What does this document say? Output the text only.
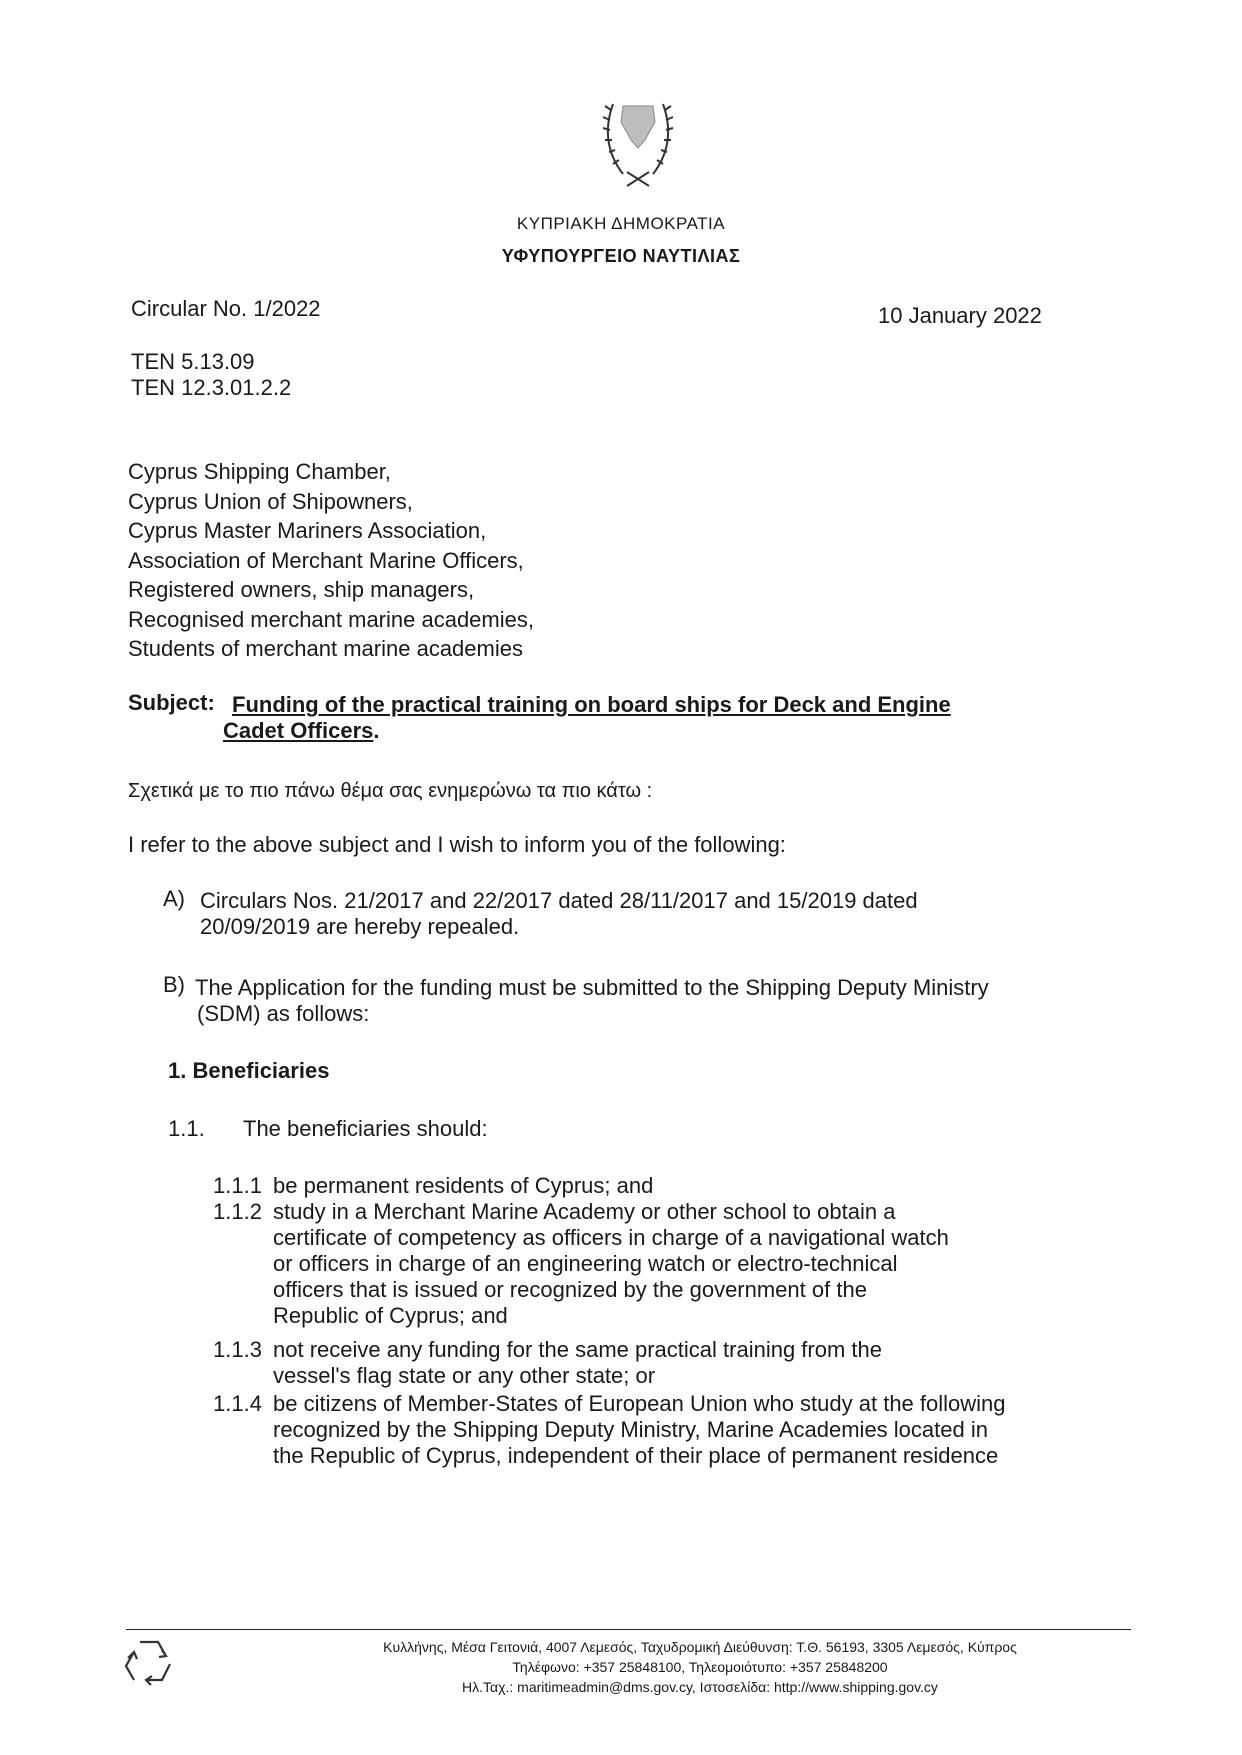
ΚΥΠΡΙΑΚΗ ΔΗΜΟΚΡΑΤΙΑ
ΥΦΥΠΟΥΡΓΕΙΟ ΝΑΥΤΙΛΙΑΣ
Circular No. 1/2022	10 January 2022
TEN 5.13.09
TEN 12.3.01.2.2
Cyprus Shipping Chamber,
Cyprus Union of Shipowners,
Cyprus Master Mariners Association,
Association of Merchant Marine Officers,
Registered owners, ship managers,
Recognised merchant marine academies,
Students of merchant marine academies
Subject: Funding of the practical training on board ships for Deck and Engine
Cadet Officers.
Σχετικά με το πιο πάνω θέμα σας ενημερώνω τα πιο κάτω :
I refer to the above subject and I wish to inform you of the following:
A) Circulars Nos. 21/2017 and 22/2017 dated 28/11/2017 and 15/2019 dated
20/09/2019 are hereby repealed.
B) The Application for the funding must be submitted to the Shipping Deputy Ministry
(SDM) as follows:
1. Beneficiaries
1.1. The beneficiaries should:
1.1.1 be permanent residents of Cyprus; and
1.1.2 study in a Merchant Marine Academy or other school to obtain a
certificate of competency as officers in charge of a navigational watch
or officers in charge of an engineering watch or electro-technical
officers that is issued or recognized by the government of the
Republic of Cyprus; and
1.1.3 not receive any funding for the same practical training from the
vessel's flag state or any other state; or
1.1.4 be citizens of Member-States of European Union who study at the following
recognized by the Shipping Deputy Ministry, Marine Academies located in
the Republic of Cyprus, independent of their place of permanent residence
Κυλλήνης, Μέσα Γειτονιά, 4007 Λεμεσός, Ταχυδρομική Διεύθυνση: Τ.Θ. 56193, 3305 Λεμεσός, Κύπρος
Τηλέφωνο: +357 25848100, Τηλεομοιότυπο: +357 25848200
Ηλ.Ταχ.: maritimeadmin@dms.gov.cy, Ιστοσελίδα: http://www.shipping.gov.cy
